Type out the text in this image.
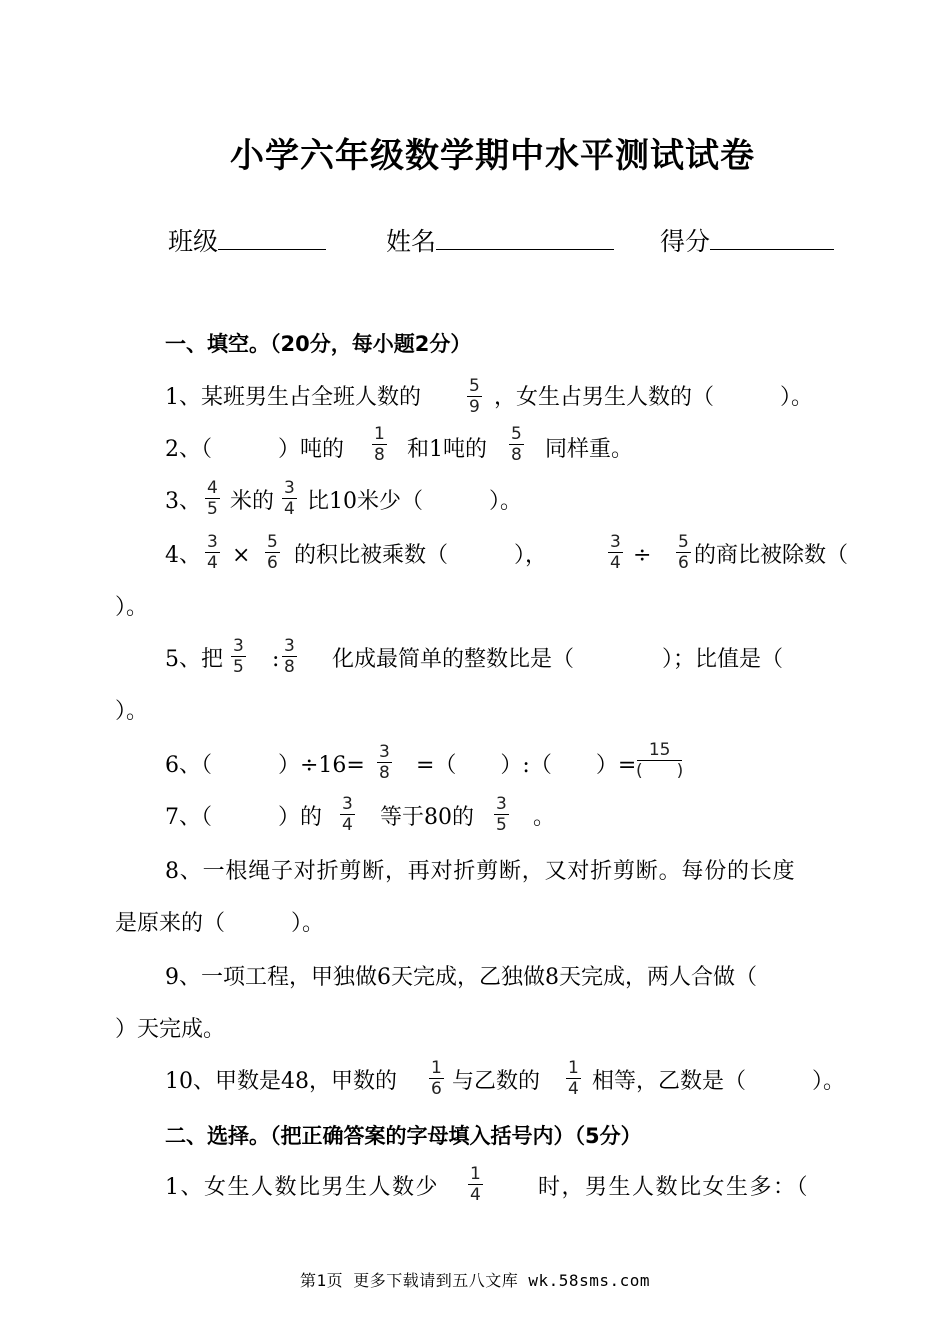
小学六年级数学期中水平测试试卷
班级	姓名	得分
一、填空。（20分，每小题2分）
1、某班男生占全班人数的	$\frac{5}{9}$ ，女生占男生人数的（　　　）。
2、（　　　）吨的 $\frac{1}{8}$ 和1吨的 $\frac{5}{8}$ 同样重。
3、 $\frac{4}{5}$ 米的 $\frac{3}{4}$ 比10米少（　　　）。
4、 $\frac{3}{4} \times \frac{5}{6}$ 的积比被乘数（　　　），	$\frac{3}{4} \div \frac{5}{6}$ 的商比被除数（
）。
5、把 $\frac{3}{5}$ : $\frac{3}{8}$ 化成最简单的整数比是（　　　　）；比值是（
）。
6、（　　　）$\div 16= \frac{3}{8}$ =（　　）:（　　）=
15
(　　)
7、（　　　）的 $\frac{3}{4}$ 等于80的 $\frac{3}{5}$ 。
8、一根绳子对折剪断，再对折剪断，又对折剪断。每份的长度
是原来的（　　　）。
9、一项工程，甲独做6天完成，乙独做8天完成，两人合做（
）天完成。
10、甲数是48，甲数的 $\frac{1}{6}$ 与乙数的 $\frac{1}{4}$ 相等，乙数是（　　　）。
二、选择。（把正确答案的字母填入括号内）（5分）
1、女生人数比男生人数少 $\frac{1}{4}$	时，男生人数比女生多：（
第1页 更多下载请到五八文库 wk.58sms.com
